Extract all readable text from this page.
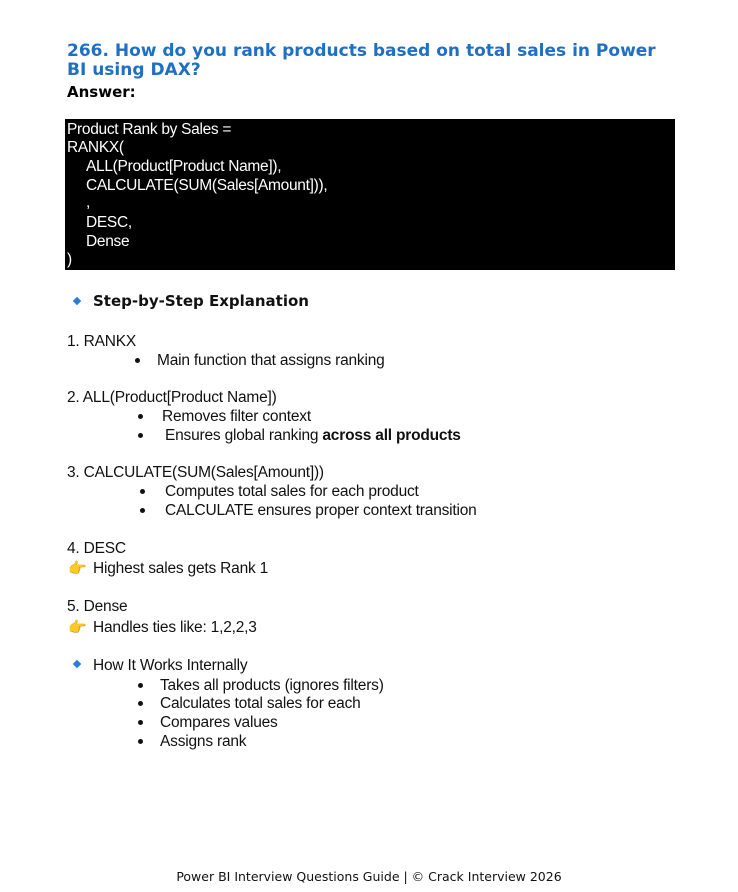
266. How do you rank products based on total sales in Power BI using DAX?
Answer:
Product Rank by Sales =
RANKX(
ALL(Product[Product Name]),
CALCULATE(SUM(Sales[Amount])),
,
DESC,
Dense
)
Step-by-Step Explanation
1. RANKX
Main function that assigns ranking
2. ALL(Product[Product Name])
Removes filter context
Ensures global ranking across all products
3. CALCULATE(SUM(Sales[Amount]))
Computes total sales for each product
CALCULATE ensures proper context transition
4. DESC
👉 Highest sales gets Rank 1
5. Dense
👉 Handles ties like: 1,2,2,3
How It Works Internally
Takes all products (ignores filters)
Calculates total sales for each
Compares values
Assigns rank
Power BI Interview Questions Guide | © Crack Interview 2026
